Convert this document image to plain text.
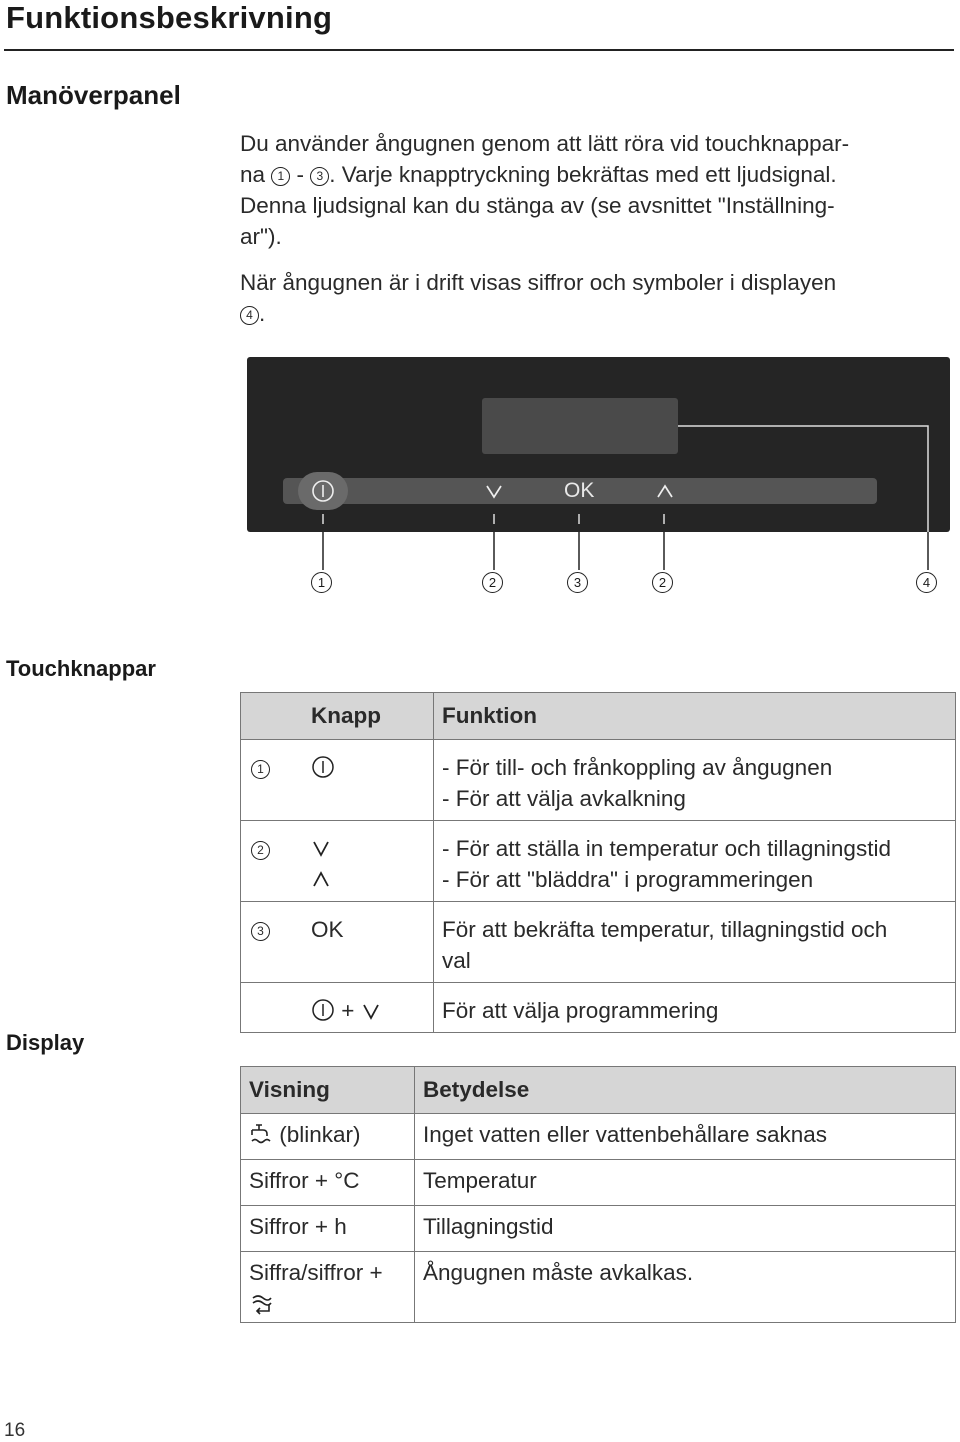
Funktionsbeskrivning
Manöverpanel
Du använder ångugnen genom att lätt röra vid touchknappar-
na 1 - 3 . Varje knapptryckning bekräftas med ett ljudsignal.
Denna ljudsignal kan du stänga av (se avsnittet "Inställning-
ar").
När ångugnen är i drift visas siffror och symboler i displayen
4 .
OK
1	2	3	2	4
Touchknappar
	Knapp	Funktion
1		- För till- och frånkoppling av ångugnen
- För att välja avkalkning

2		- För att ställa in temperatur och tillagningstid
- För att "bläddra" i programmeringen

3	OK	För att bekräfta temperatur, tillagningstid och
val

	+	För att välja programmering
Display
Visning	Betydelse
(blinkar)	Inget vatten eller vattenbehållare saknas
Siffror + °C	Temperatur
Siffror + h	Tillagningstid

Siffra/siffror +	Ångugnen måste avkalkas.
16
